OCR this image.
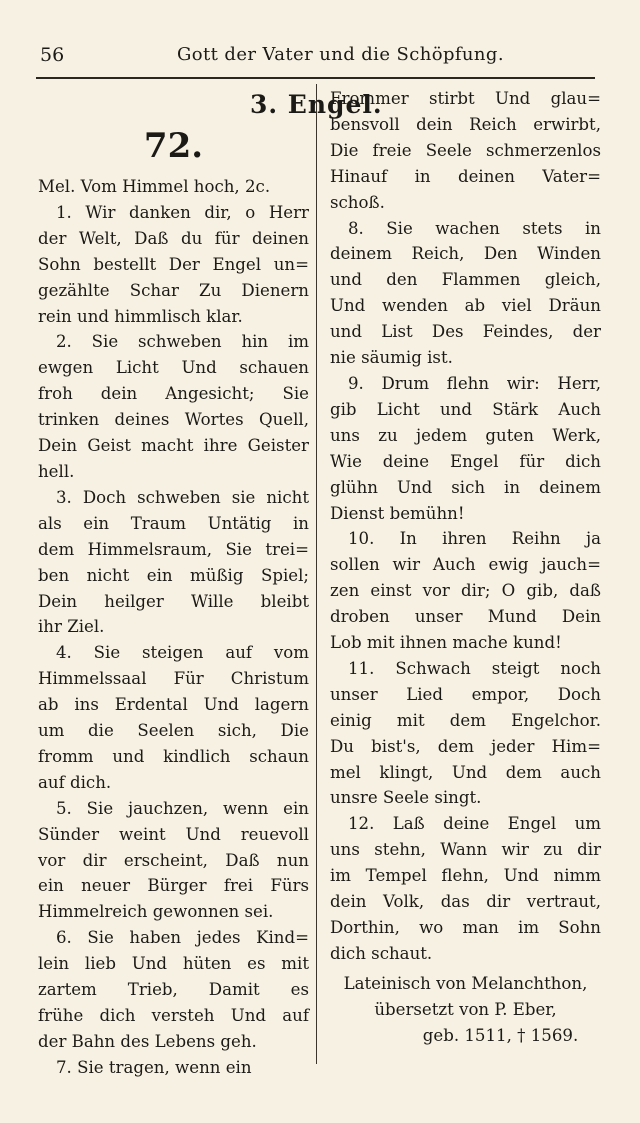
56	Gott der Vater und die Schöpfung.
3. Engel.
72.
Mel. Vom Himmel hoch, 2c.
1. Wir danken dir, o Herr
der Welt, Daß du für deinen
Sohn bestellt Der Engel un=
gezählte Schar Zu Dienern
rein und himmlisch klar.
2. Sie schweben hin im
ewgen Licht Und schauen
froh dein Angesicht; Sie
trinken deines Wortes Quell,
Dein Geist macht ihre Geister
hell.
3. Doch schweben sie nicht
als ein Traum Untätig in
dem Himmelsraum, Sie trei=
ben nicht ein müßig Spiel;
Dein heilger Wille bleibt
ihr Ziel.
4. Sie steigen auf vom
Himmelssaal Für Christum
ab ins Erdental Und lagern
um die Seelen sich, Die
fromm und kindlich schaun
auf dich.
5. Sie jauchzen, wenn ein
Sünder weint Und reuevoll
vor dir erscheint, Daß nun
ein neuer Bürger frei Fürs
Himmelreich gewonnen sei.
6. Sie haben jedes Kind=
lein lieb Und hüten es mit
zartem Trieb, Damit es
frühe dich versteh Und auf
der Bahn des Lebens geh.
7. Sie tragen, wenn ein
Frommer stirbt Und glau=
bensvoll dein Reich erwirbt,
Die freie Seele schmerzenlos
Hinauf in deinen Vater=
schoß.
8. Sie wachen stets in
deinem Reich, Den Winden
und den Flammen gleich,
Und wenden ab viel Dräun
und List Des Feindes, der
nie säumig ist.
9. Drum flehn wir: Herr,
gib Licht und Stärk Auch
uns zu jedem guten Werk,
Wie deine Engel für dich
glühn Und sich in deinem
Dienst bemühn!
10. In ihren Reihn ja
sollen wir Auch ewig jauch=
zen einst vor dir; O gib, daß
droben unser Mund Dein
Lob mit ihnen mache kund!
11. Schwach steigt noch
unser Lied empor, Doch
einig mit dem Engelchor.
Du bist's, dem jeder Him=
mel klingt, Und dem auch
unsre Seele singt.
12. Laß deine Engel um
uns stehn, Wann wir zu dir
im Tempel flehn, Und nimm
dein Volk, das dir vertraut,
Dorthin, wo man im Sohn
dich schaut.
Lateinisch von Melanchthon,
übersetzt von P. Eber,
geb. 1511, † 1569.
